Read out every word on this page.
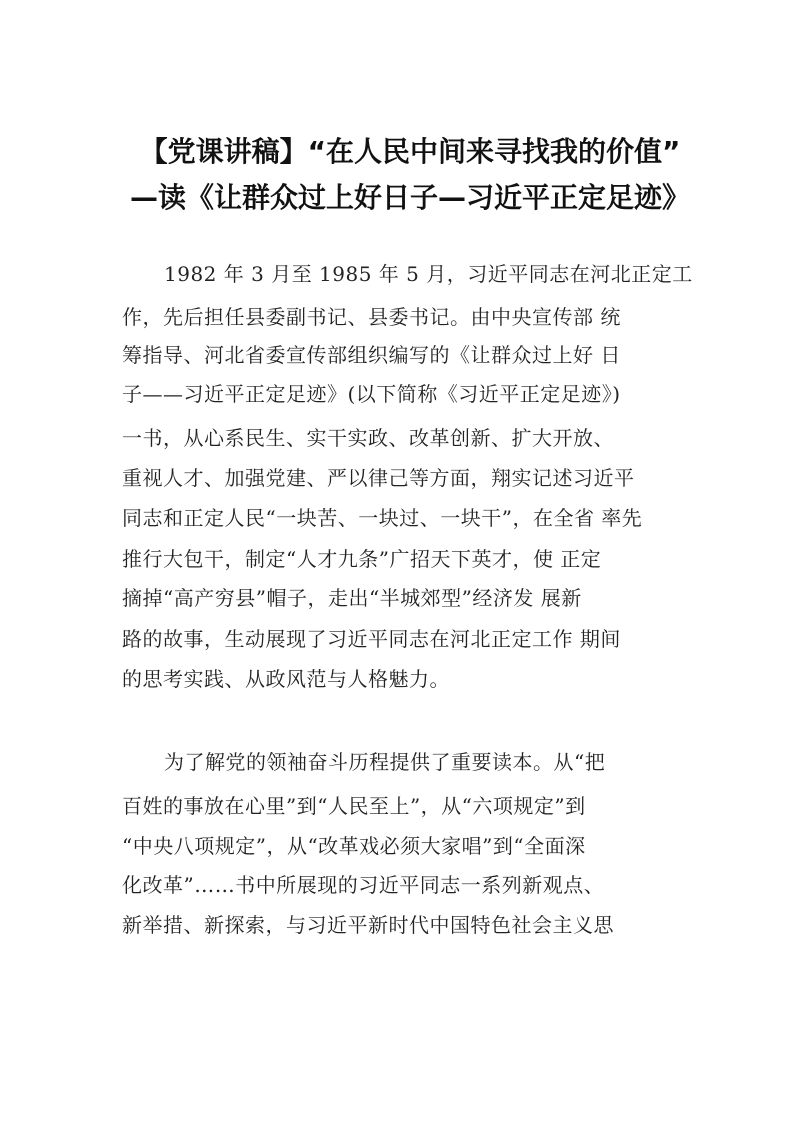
【党课讲稿】“在人民中间来寻找我的价值”
—读《让群众过上好日子—习近平正定足迹》
1982 年 3 月至 1985 年 5 月，习近平同志在河北正定工
作，先后担任县委副书记、县委书记。由中央宣传部 统
筹指导、河北省委宣传部组织编写的《让群众过上好 日
子——习近平正定足迹》(以下简称《习近平正定足迹》)
一书，从心系民生、实干实政、改革创新、扩大开放、
重视人才、加强党建、严以律己等方面，翔实记述习近平
同志和正定人民“一块苦、一块过、一块干”，在全省 率先
推行大包干，制定“人才九条”广招天下英才，使 正定
摘掉“高产穷县”帽子，走出“半城郊型”经济发 展新
路的故事，生动展现了习近平同志在河北正定工作 期间
的思考实践、从政风范与人格魅力。
为了解党的领袖奋斗历程提供了重要读本。从“把
百姓的事放在心里”到“人民至上”，从“六项规定”到
“中央八项规定”，从“改革戏必须大家唱”到“全面深
化改革”……书中所展现的习近平同志一系列新观点、
新举措、新探索，与习近平新时代中国特色社会主义思
